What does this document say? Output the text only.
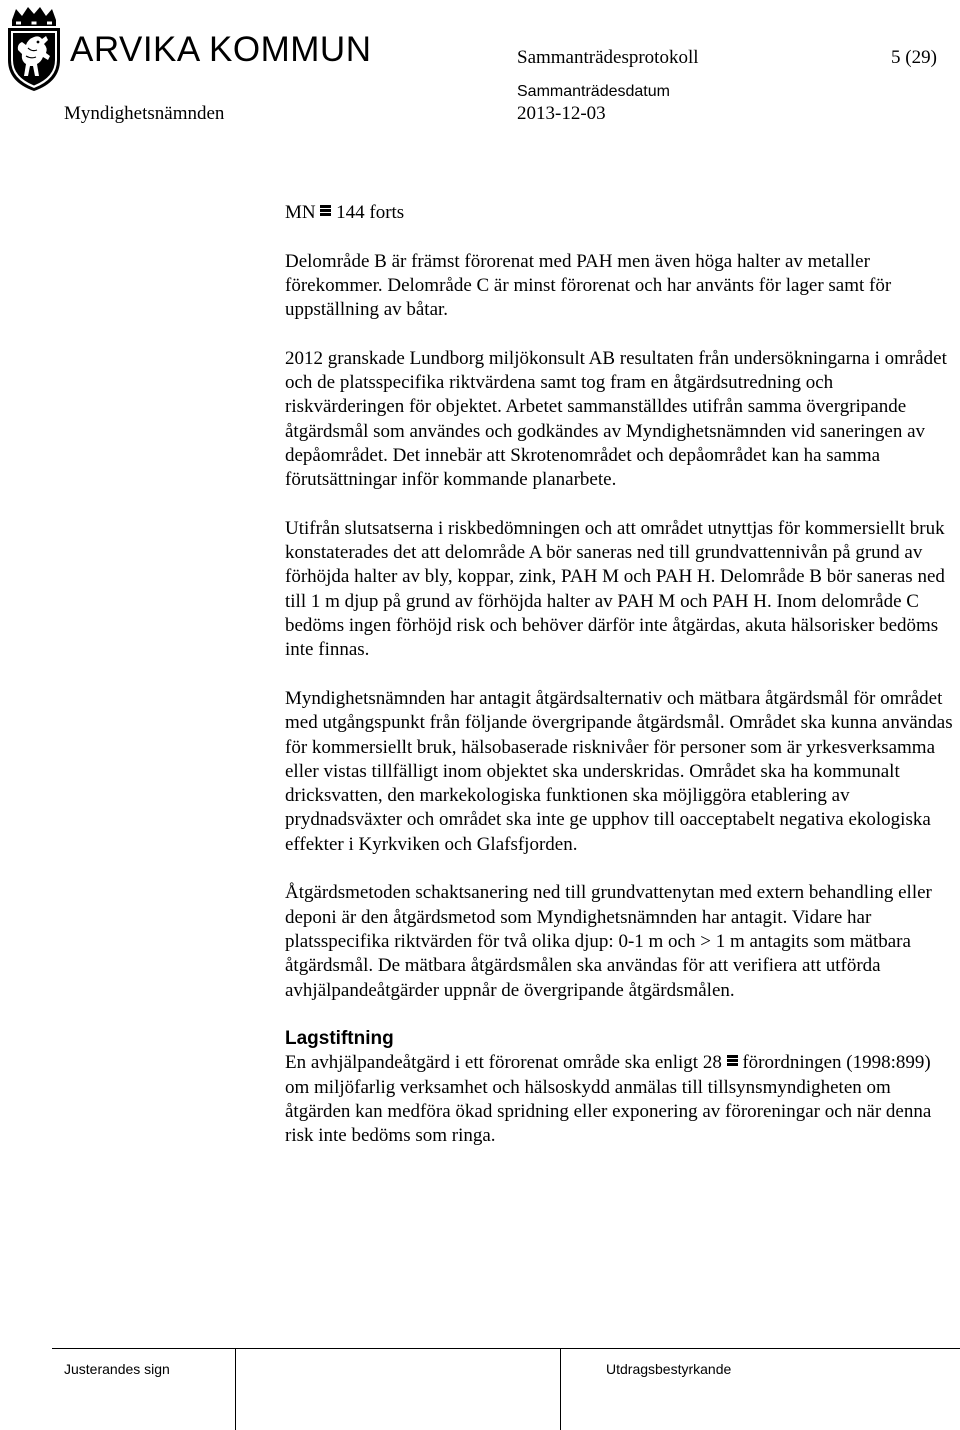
ARVIKA KOMMUN	Sammanträdesprotokoll	5 (29)
Sammanträdesdatum
Myndighetsnämnden	2013-12-03

MN 144 forts

Delområde B är främst förorenat med PAH men även höga halter av metaller förekommer. Delområde C är minst förorenat och har använts för lager samt för uppställning av båtar.

2012 granskade Lundborg miljökonsult AB resultaten från undersökningarna i området och de platsspecifika riktvärdena samt tog fram en åtgärdsutredning och riskvärderingen för objektet. Arbetet sammanställdes utifrån samma övergripande åtgärdsmål som användes och godkändes av Myndighetsnämnden vid saneringen av depåområdet. Det innebär att Skrotenområdet och depåområdet kan ha samma förutsättningar inför kommande planarbete.

Utifrån slutsatserna i riskbedömningen och att området utnyttjas för kommersiellt bruk konstaterades det att delområde A bör saneras ned till grundvattennivån på grund av förhöjda halter av bly, koppar, zink, PAH M och PAH H. Delområde B bör saneras ned till 1 m djup på grund av förhöjda halter av PAH M och PAH H. Inom delområde C bedöms ingen förhöjd risk och behöver därför inte åtgärdas, akuta hälsorisker bedöms inte finnas.

Myndighetsnämnden har antagit åtgärdsalternativ och mätbara åtgärdsmål för området med utgångspunkt från följande övergripande åtgärdsmål. Området ska kunna användas för kommersiellt bruk, hälsobaserade risknivåer för personer som är yrkesverksamma eller vistas tillfälligt inom objektet ska underskridas. Området ska ha kommunalt dricksvatten, den markekologiska funktionen ska möjliggöra etablering av prydnadsväxter och området ska inte ge upphov till oacceptabelt negativa ekologiska effekter i Kyrkviken och Glafsfjorden.

Åtgärdsmetoden schaktsanering ned till grundvattenytan med extern behandling eller deponi är den åtgärdsmetod som Myndighetsnämnden har antagit. Vidare har platsspecifika riktvärden för två olika djup: 0-1 m och > 1 m antagits som mätbara åtgärdsmål. De mätbara åtgärdsmålen ska användas för att verifiera att utförda avhjälpandeåtgärder uppnår de övergripande åtgärdsmålen.

Lagstiftning

En avhjälpandeåtgärd i ett förorenat område ska enligt 28 förordningen (1998:899) om miljöfarlig verksamhet och hälsoskydd anmälas till tillsynsmyndigheten om åtgärden kan medföra ökad spridning eller exponering av föroreningar och när denna risk inte bedöms som ringa.

Justerandes sign	Utdragsbestyrkande
